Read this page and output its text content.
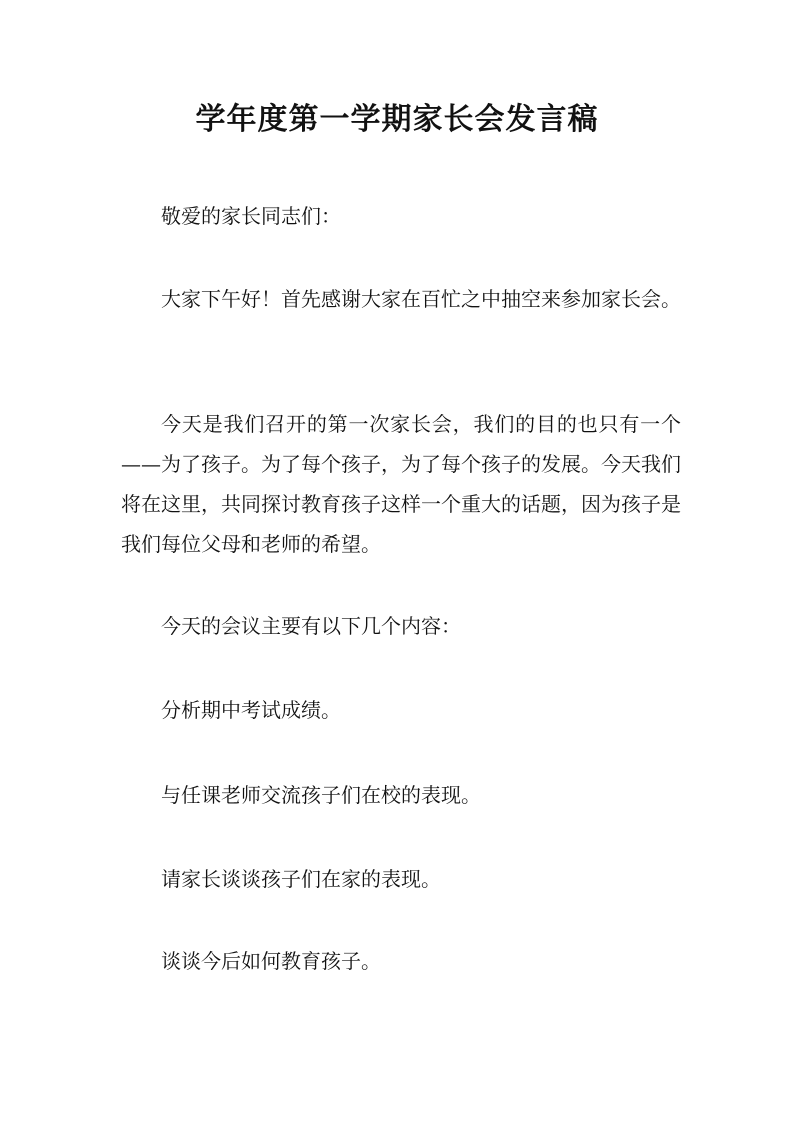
学年度第一学期家长会发言稿

敬爱的家长同志们：

大家下午好！首先感谢大家在百忙之中抽空来参加家长会。

今天是我们召开的第一次家长会，我们的目的也只有一个——为了孩子。为了每个孩子，为了每个孩子的发展。今天我们将在这里，共同探讨教育孩子这样一个重大的话题，因为孩子是我们每位父母和老师的希望。

今天的会议主要有以下几个内容：

分析期中考试成绩。

与任课老师交流孩子们在校的表现。

请家长谈谈孩子们在家的表现。

谈谈今后如何教育孩子。
